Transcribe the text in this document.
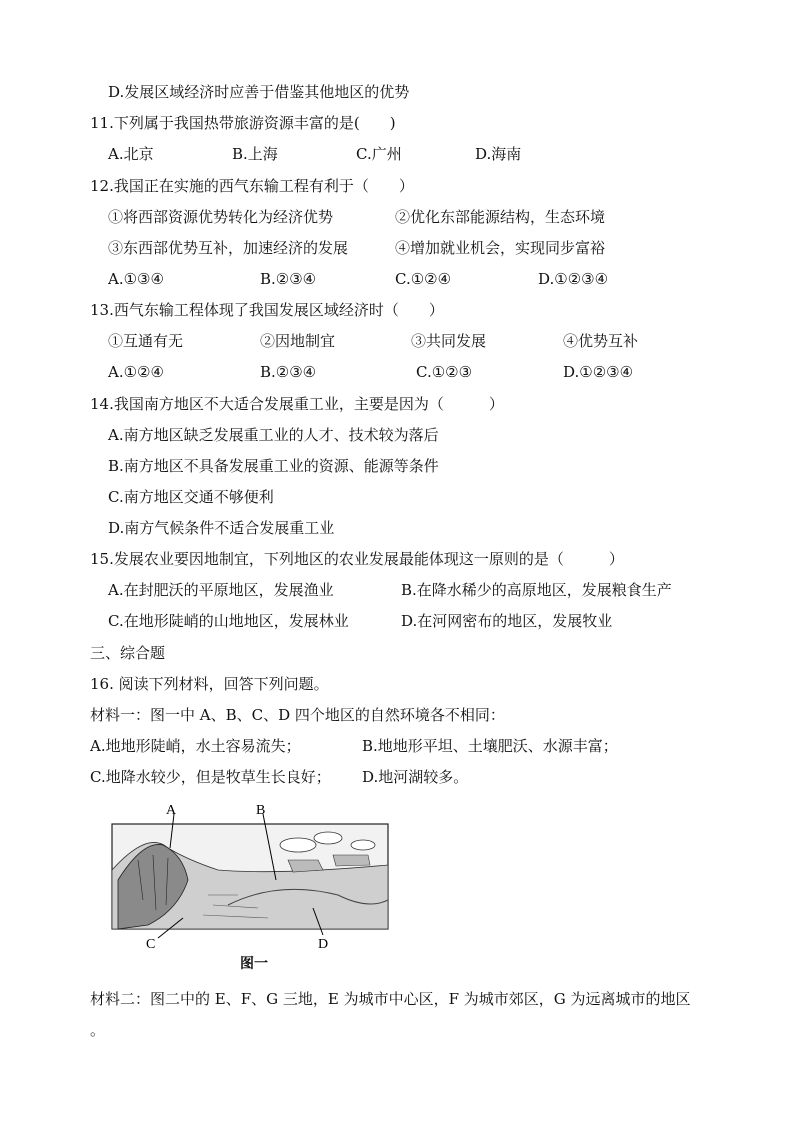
D.发展区域经济时应善于借鉴其他地区的优势
11.下列属于我国热带旅游资源丰富的是(　　)
A.北京	B.上海	C.广州	D.海南
12.我国正在实施的西气东输工程有利于（　　）
①将西部资源优势转化为经济优势	②优化东部能源结构，生态环境
③东西部优势互补，加速经济的发展	④增加就业机会，实现同步富裕
A.①③④	B.②③④	C.①②④	D.①②③④
13.西气东输工程体现了我国发展区域经济时（　　）
①互通有无	②因地制宜	③共同发展	④优势互补
A.①②④	B.②③④	C.①②③	D.①②③④
14.我国南方地区不大适合发展重工业，主要是因为（　　　）
A.南方地区缺乏发展重工业的人才、技术较为落后
B.南方地区不具备发展重工业的资源、能源等条件
C.南方地区交通不够便利
D.南方气候条件不适合发展重工业
15.发展农业要因地制宜，下列地区的农业发展最能体现这一原则的是（　　　）
A.在封肥沃的平原地区，发展渔业	B.在降水稀少的高原地区，发展粮食生产
C.在地形陡峭的山地地区，发展林业	D.在河网密布的地区，发展牧业
三、综合题
16. 阅读下列材料，回答下列问题。
材料一：图一中 A、B、C、D 四个地区的自然环境各不相同：
A.地地形陡峭，水土容易流失；	B.地地形平坦、土壤肥沃、水源丰富；
C.地降水较少，但是牧草生长良好； D.地河湖较多。
A	B
C	D
图一
材料二：图二中的 E、F、G 三地，E 为城市中心区，F 为城市郊区，G 为远离城市的地区
。
